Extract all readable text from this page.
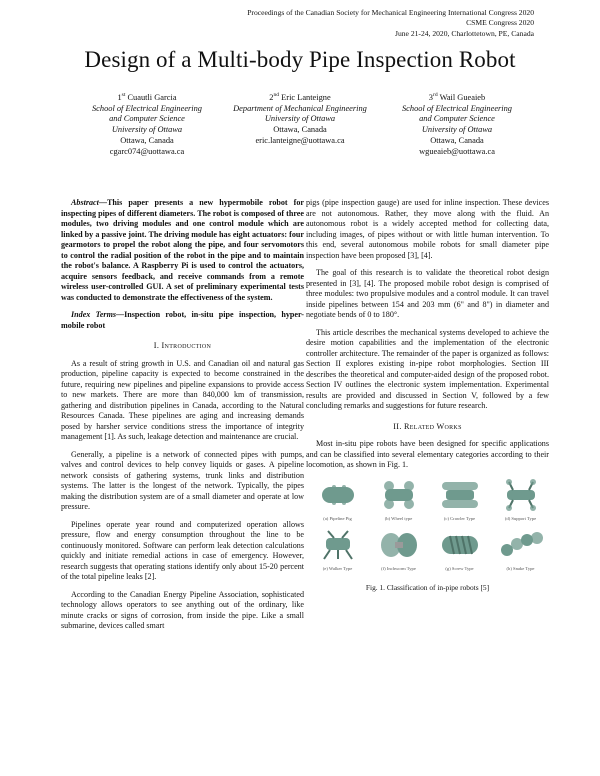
Proceedings of the Canadian Society for Mechanical Engineering International Congress 2020
CSME Congress 2020
June 21-24, 2020, Charlottetown, PE, Canada
Design of a Multi-body Pipe Inspection Robot
1st Cuautli Garcia
School of Electrical Engineering
and Computer Science
University of Ottawa
Ottawa, Canada
cgarc074@uottawa.ca
2nd Eric Lanteigne
Department of Mechanical Engineering
University of Ottawa
Ottawa, Canada
eric.lanteigne@uottawa.ca
3rd Wail Gueaieb
School of Electrical Engineering
and Computer Science
University of Ottawa
Ottawa, Canada
wgueaieb@uottawa.ca

Abstract—This paper presents a new hypermobile robot for inspecting pipes of different diameters. The robot is composed of three modules, two driving modules and one control module which are linked by a passive joint. The driving module has eight actuators: four gearmotors to propel the robot along the pipe, and four servomotors to control the radial position of the robot in the pipe and to maintain the robot's balance. A Raspberry Pi is used to control the actuators, acquire sensors feedback, and receive commands from a remote wireless user-controlled GUI. A set of preliminary experimental tests was conducted to demonstrate the effectiveness of the system.

Index Terms—Inspection robot, in-situ pipe inspection, hyper-mobile robot

I. Introduction

As a result of string growth in U.S. and Canadian oil and natural gas production, pipeline capacity is expected to become constrained in the future, requiring new pipelines and pipeline expansions to provide access to new markets. There are more than 840,000 km of transmission, gathering and distribution pipelines in Canada, according to the Natural Resources Canada. These pipelines are aging and increasing demands posed by harsher service conditions stress the importance of integrity management [1]. As such, leakage detection and maintenance are crucial.

Generally, a pipeline is a network of connected pipes with pumps, valves and control devices to help convey liquids or gases. A pipeline network consists of gathering systems, trunk links and distribution systems. The latter is the longest of the network. Typically, the pipes making the distribution system are of a small diameter and operate at low pressure.

Pipelines operate year round and computerized operation allows pressure, flow and energy consumption throughout the line to be continuously monitored. Software can perform leak detection calculations quickly and initiate remedial actions in case of emergency. However, research suggests that operating stations identify only about 15-20 percent of the total pipeline leaks [2].

According to the Canadian Energy Pipeline Association, sophisticated technology allows operators to see anything out of the ordinary, like minute cracks or signs of corrosion, from inside the pipe. Like a small submarine, devices called smart

pigs (pipe inspection gauge) are used for inline inspection. These devices are not autonomous. Rather, they move along with the fluid. An autonomous robot is a widely accepted method for collecting data, including images, of pipes without or with little human intervention. To this end, several autonomous mobile robots for small diameter pipe inspection have been proposed [3], [4].

The goal of this research is to validate the theoretical robot design presented in [3], [4]. The proposed mobile robot design is comprised of three modules: two propulsive modules and a control module. It can travel inside pipelines between 154 and 203 mm (6" and 8") in diameter and negotiate bends of 0 to 180°.

This article describes the mechanical systems developed to achieve the desire motion capabilities and the implementation of the electronic controller architecture. The remainder of the paper is organized as follows: Section II explores existing in-pipe robot morphologies. Section III describes the theoretical and computer-aided design of the proposed robot. Section IV outlines the electronic system implementation. Experimental results are provided and discussed in Section V, followed by a few concluding remarks and suggestions for future research.

II. Related Works

Most in-situ pipe robots have been designed for specific applications and can be classified into several elementary categories according to their locomotion, as shown in Fig. 1.

(a) Pipeline Pig	(b) Wheel type	(c) Crawler Type	(d) Support Type
(e) Walker Type	(f) Inchworm Type	(g) Screw Type	(h) Snake Type
Fig. 1. Classification of in-pipe robots [5]
